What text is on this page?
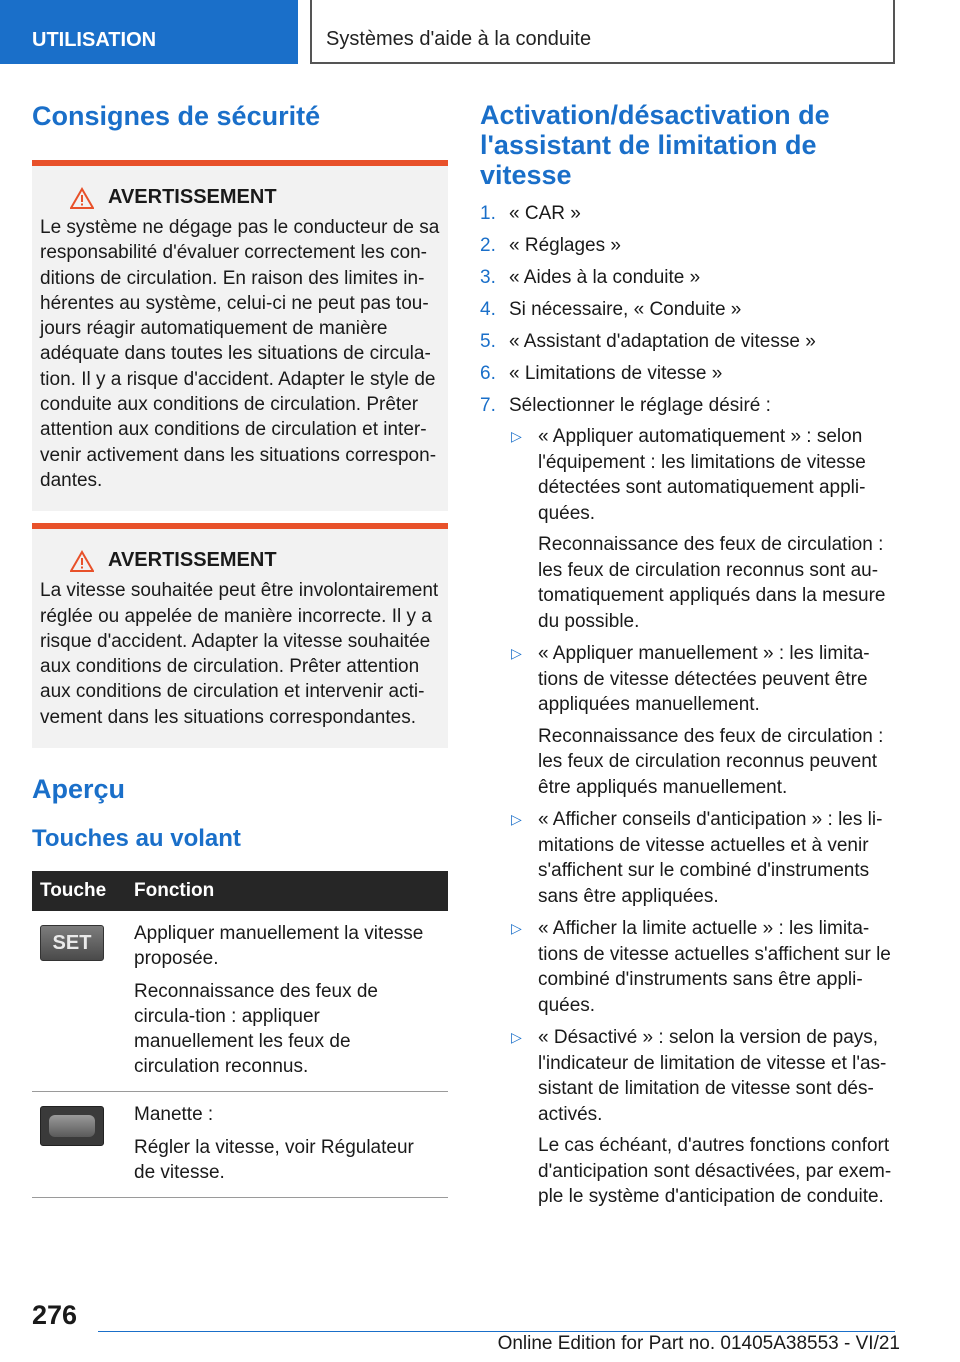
UTILISATION	Systèmes d'aide à la conduite
Consignes de sécurité
AVERTISSEMENT
Le système ne dégage pas le conducteur de sa responsabilité d'évaluer correctement les con-ditions de circulation. En raison des limites in-hérentes au système, celui-ci ne peut pas tou-jours réagir automatiquement de manière adéquate dans toutes les situations de circula-tion. Il y a risque d'accident. Adapter le style de conduite aux conditions de circulation. Prêter attention aux conditions de circulation et inter-venir activement dans les situations correspon-dantes.
AVERTISSEMENT
La vitesse souhaitée peut être involontairement réglée ou appelée de manière incorrecte. Il y a risque d'accident. Adapter la vitesse souhaitée aux conditions de circulation. Prêter attention aux conditions de circulation et intervenir acti-vement dans les situations correspondantes.
Aperçu
Touches au volant
Touche	Fonction

SET	Appliquer manuellement la vitesse proposée.

Reconnaissance des feux de circula-tion : appliquer manuellement les feux de circulation reconnus.

	Manette :

Régler la vitesse, voir Régulateur de vitesse.

Activation/désactivation de l'assistant de limitation de vitesse
1. « CAR »
2. « Réglages »
3. « Aides à la conduite »
4. Si nécessaire, « Conduite »
5. « Assistant d'adaptation de vitesse »
6. « Limitations de vitesse »
7. Sélectionner le réglage désiré :
▷ « Appliquer automatiquement » : selon l'équipement : les limitations de vitesse détectées sont automatiquement appli-quées.

Reconnaissance des feux de circulation : les feux de circulation reconnus sont au-tomatiquement appliqués dans la mesure du possible.

▷ « Appliquer manuellement » : les limita-tions de vitesse détectées peuvent être appliquées manuellement.

Reconnaissance des feux de circulation : les feux de circulation reconnus peuvent être appliqués manuellement.

▷ « Afficher conseils d'anticipation » : les li-mitations de vitesse actuelles et à venir s'affichent sur le combiné d'instruments sans être appliquées.

▷ « Afficher la limite actuelle » : les limita-tions de vitesse actuelles s'affichent sur le combiné d'instruments sans être appli-quées.

▷ « Désactivé » : selon la version de pays, l'indicateur de limitation de vitesse et l'as-sistant de limitation de vitesse sont dés-activés.

Le cas échéant, d'autres fonctions confort d'anticipation sont désactivées, par exem-ple le système d'anticipation de conduite.

276
Online Edition for Part no. 01405A38553 - VI/21
